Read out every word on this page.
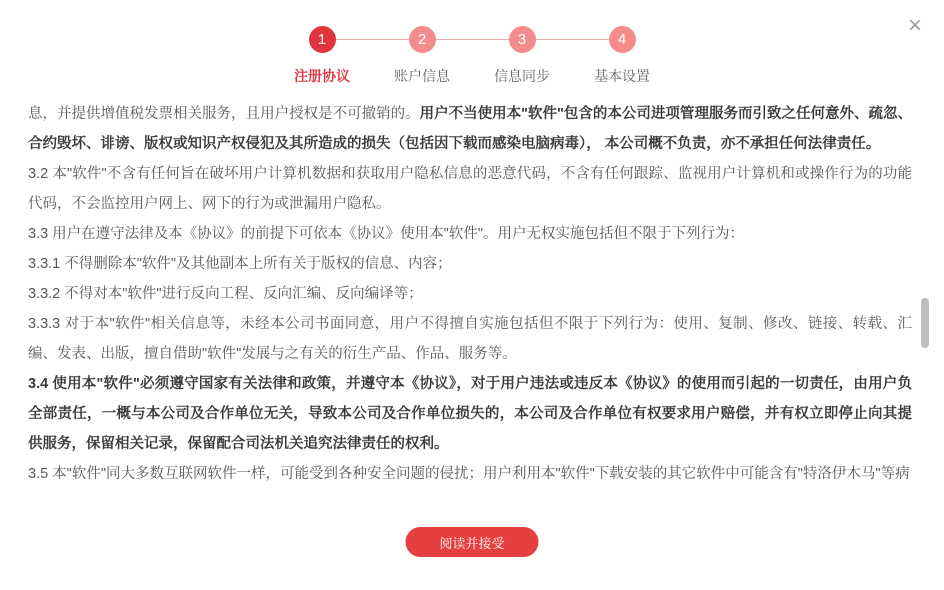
×
1
注册协议
2
账户信息
3
信息同步
4
基本设置

息，并提供增值税发票相关服务，且用户授权是不可撤销的。用户不当使用本"软件"包含的本公司进项管理服务而引致之任何意外、疏忽、合约毁坏、诽谤、版权或知识产权侵犯及其所造成的损失（包括因下载而感染电脑病毒）， 本公司概不负责，亦不承担任何法律责任。

3.2 本"软件"不含有任何旨在破坏用户计算机数据和获取用户隐私信息的恶意代码，不含有任何跟踪、监视用户计算机和或操作行为的功能代码，不会监控用户网上、网下的行为或泄漏用户隐私。

3.3 用户在遵守法律及本《协议》的前提下可依本《协议》使用本"软件"。用户无权实施包括但不限于下列行为：

3.3.1 不得删除本"软件"及其他副本上所有关于版权的信息、内容；

3.3.2 不得对本"软件"进行反向工程、反向汇编、反向编译等；

3.3.3 对于本"软件"相关信息等，未经本公司书面同意，用户不得擅自实施包括但不限于下列行为：使用、复制、修改、链接、转载、汇编、发表、出版，擅自借助"软件"发展与之有关的衍生产品、作品、服务等。

3.4 使用本"软件"必须遵守国家有关法律和政策，并遵守本《协议》，对于用户违法或违反本《协议》的使用而引起的一切责任，由用户负全部责任，一概与本公司及合作单位无关，导致本公司及合作单位损失的，本公司及合作单位有权要求用户赔偿，并有权立即停止向其提供服务，保留相关记录，保留配合司法机关追究法律责任的权利。

3.5 本"软件"同大多数互联网软件一样，可能受到各种安全问题的侵扰；用户利用本"软件"下载安装的其它软件中可能含有"特洛伊木马"等病

阅读并接受
